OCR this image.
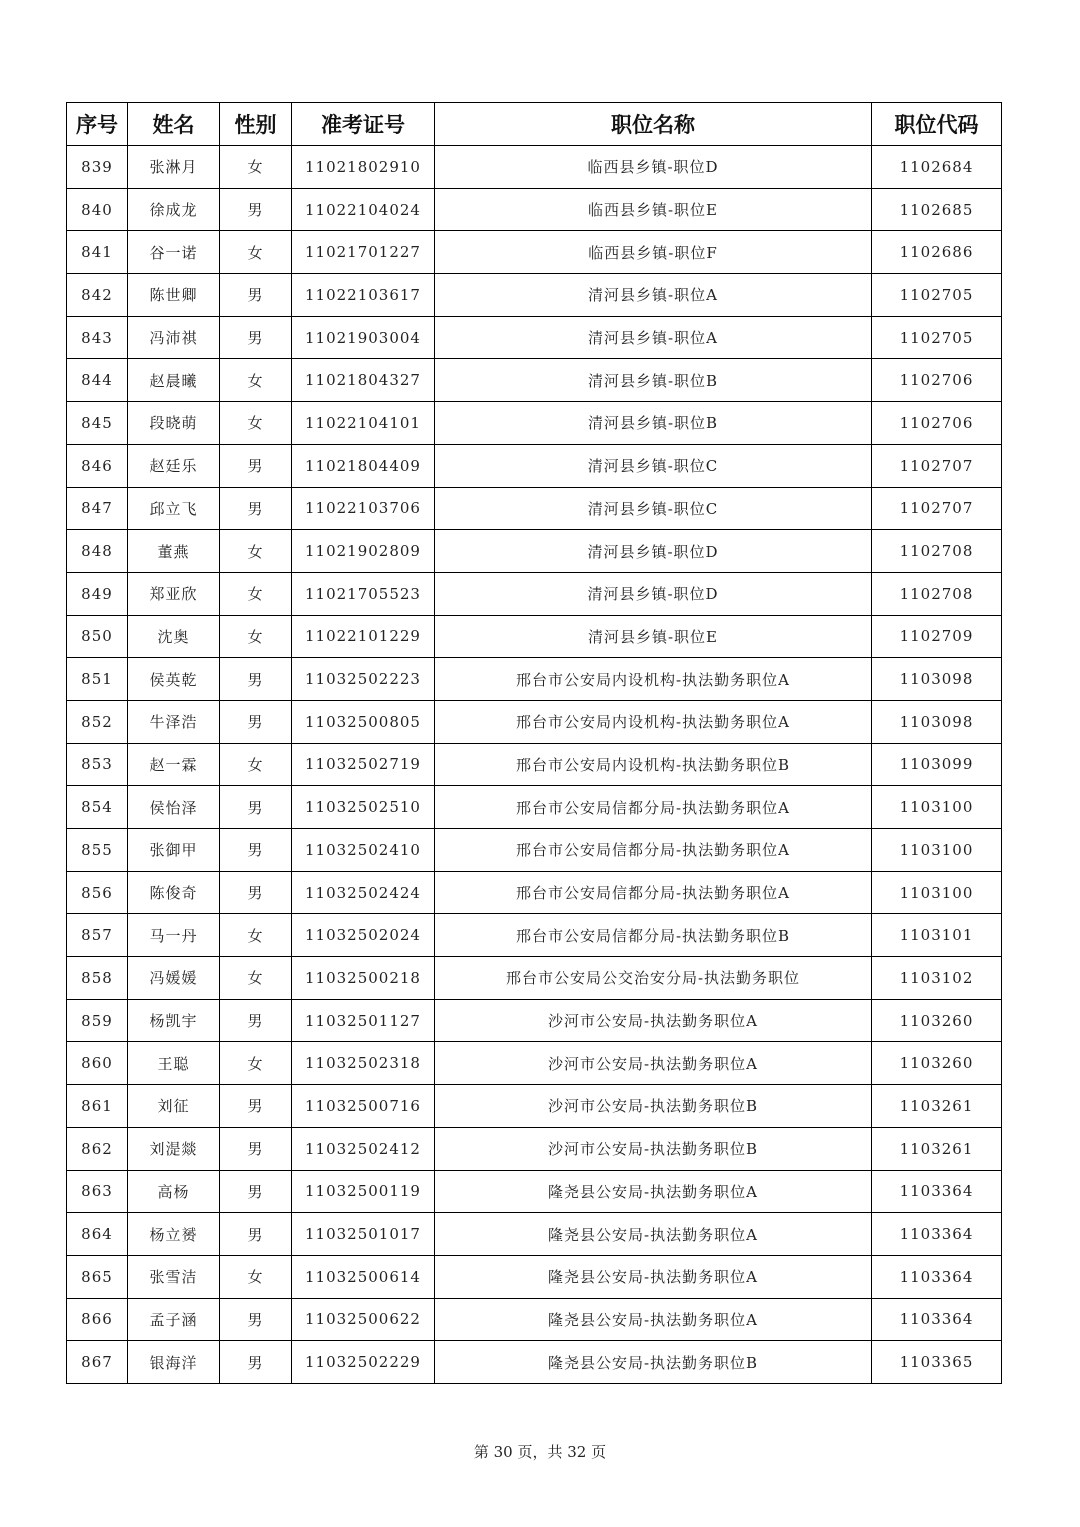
序号	姓名	性别	准考证号	职位名称	职位代码
839	张淋月	女	11021802910	临西县乡镇-职位D	1102684
840	徐成龙	男	11022104024	临西县乡镇-职位E	1102685
841	谷一诺	女	11021701227	临西县乡镇-职位F	1102686
842	陈世卿	男	11022103617	清河县乡镇-职位A	1102705
843	冯沛祺	男	11021903004	清河县乡镇-职位A	1102705
844	赵晨曦	女	11021804327	清河县乡镇-职位B	1102706
845	段晓萌	女	11022104101	清河县乡镇-职位B	1102706
846	赵廷乐	男	11021804409	清河县乡镇-职位C	1102707
847	邱立飞	男	11022103706	清河县乡镇-职位C	1102707
848	董燕	女	11021902809	清河县乡镇-职位D	1102708
849	郑亚欣	女	11021705523	清河县乡镇-职位D	1102708
850	沈奥	女	11022101229	清河县乡镇-职位E	1102709
851	侯英乾	男	11032502223	邢台市公安局内设机构-执法勤务职位A	1103098
852	牛泽浩	男	11032500805	邢台市公安局内设机构-执法勤务职位A	1103098
853	赵一霖	女	11032502719	邢台市公安局内设机构-执法勤务职位B	1103099
854	侯怡泽	男	11032502510	邢台市公安局信都分局-执法勤务职位A	1103100
855	张御甲	男	11032502410	邢台市公安局信都分局-执法勤务职位A	1103100
856	陈俊奇	男	11032502424	邢台市公安局信都分局-执法勤务职位A	1103100
857	马一丹	女	11032502024	邢台市公安局信都分局-执法勤务职位B	1103101
858	冯媛媛	女	11032500218	邢台市公安局公交治安分局-执法勤务职位	1103102
859	杨凯宇	男	11032501127	沙河市公安局-执法勤务职位A	1103260
860	王聪	女	11032502318	沙河市公安局-执法勤务职位A	1103260
861	刘征	男	11032500716	沙河市公安局-执法勤务职位B	1103261
862	刘湜燚	男	11032502412	沙河市公安局-执法勤务职位B	1103261
863	高杨	男	11032500119	隆尧县公安局-执法勤务职位A	1103364
864	杨立赟	男	11032501017	隆尧县公安局-执法勤务职位A	1103364
865	张雪洁	女	11032500614	隆尧县公安局-执法勤务职位A	1103364
866	孟子涵	男	11032500622	隆尧县公安局-执法勤务职位A	1103364
867	银海洋	男	11032502229	隆尧县公安局-执法勤务职位B	1103365
第 30 页，共 32 页
